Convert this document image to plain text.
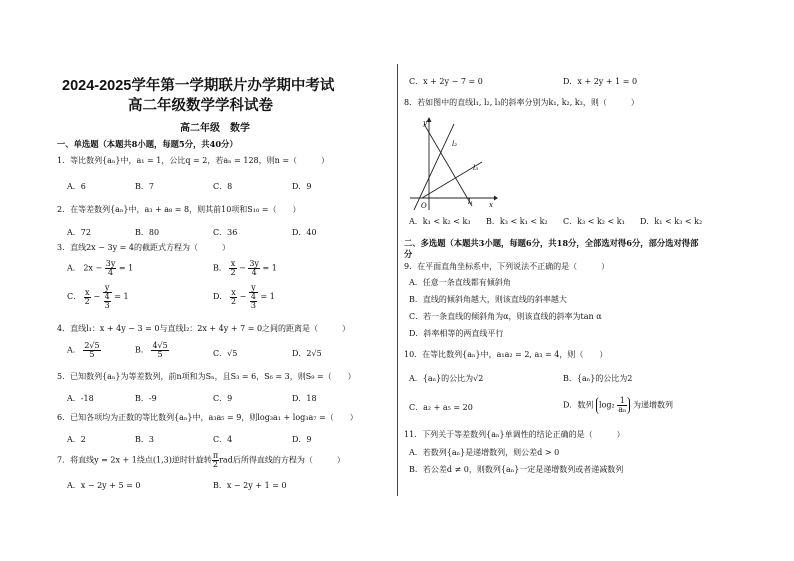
2024-2025学年第一学期联片办学期中考试
高二年级数学学科试卷
高二年级　数学
一、单选题（本题共8小题，每题5分，共40分）
1．等比数列{aₙ}中，a₁ = 1，公比q = 2，若aₙ = 128，则n =（　　　）
A．6	B．7	C．8	D．9
2．在等差数列{aₙ}中，a₃ + a₈ = 8，则其前10项和S₁₀ =（　　）
A．72	B．80	C．36	D．40
3．直线2x − 3y = 4的截距式方程为（　　　）
A． $2x - \frac{3y}{4} = 1$	B． $\frac{x}{2} - \frac{3y}{4} = 1$
C． $\frac{x}{2} - \frac{y}{\frac{4}{3}} = 1$	D． $\frac{x}{2} - \frac{y}{\frac{4}{3}} = 1$
4．直线l₁：x + 4y − 3 = 0与直线l₂：2x + 4y + 7 = 0之间的距离是（　　　）
A． $\frac{2√5}{5}$	B． $\frac{4√5}{5}$	C．√5	D．2√5
5．已知数列{aₙ}为等差数列，前n项和为Sₙ，且S₃ = 6，S₆ = 3，则S₉ =（　　）
A．-18	B．-9	C．9	D．18
6．已知各项均为正数的等比数列{aₙ}中，a₃a₅ = 9，则log₃a₁ + log₃a₇ =（　　）
A．2	B．3	C．4	D．9
7．将直线y = 2x + 1绕点(1,3)逆时针旋转 $\frac{\pi}{2}$ rad后所得直线的方程为（　　　）
A．x − 2y + 5 = 0	B．x − 2y + 1 = 0
C．x + 2y − 7 = 0	D．x + 2y + 1 = 0
8．若如图中的直线l₁, l₂, l₃的斜率分别为k₁, k₂, k₃，则（　　　）
y
x
O
l₂
l₃
l₁
A．k₁ < k₂ < k₃ B．k₃ < k₁ < k₂ C．k₃ < k₂ < k₁ D．k₁ < k₃ < k₂
二、多选题（本题共3小题，每题6分，共18分，全部选对得6分，部分选对得部
分
9．在平面直角坐标系中，下列说法不正确的是（　　　）
A．任意一条直线都有倾斜角
B．直线的倾斜角越大，则该直线的斜率越大
C．若一条直线的倾斜角为α，则该直线的斜率为tan α
D．斜率相等的两直线平行
10．在等比数列{aₙ}中，a₁a₂ = 2, a₃ = 4，则（　　）
A．{aₙ}的公比为√2	B．{aₙ}的公比为2
C．a₂ + a₅ = 20	D．数列 $\log_2 \frac{1}{\text{aₙ}}$ 为递增数列
11．下列关于等差数列{aₙ}单调性的结论正确的是（　　　）
A．若数列{aₙ}是递增数列，则公差d > 0
B．若公差d ≠ 0，则数列{aₙ}一定是递增数列或者递减数列
